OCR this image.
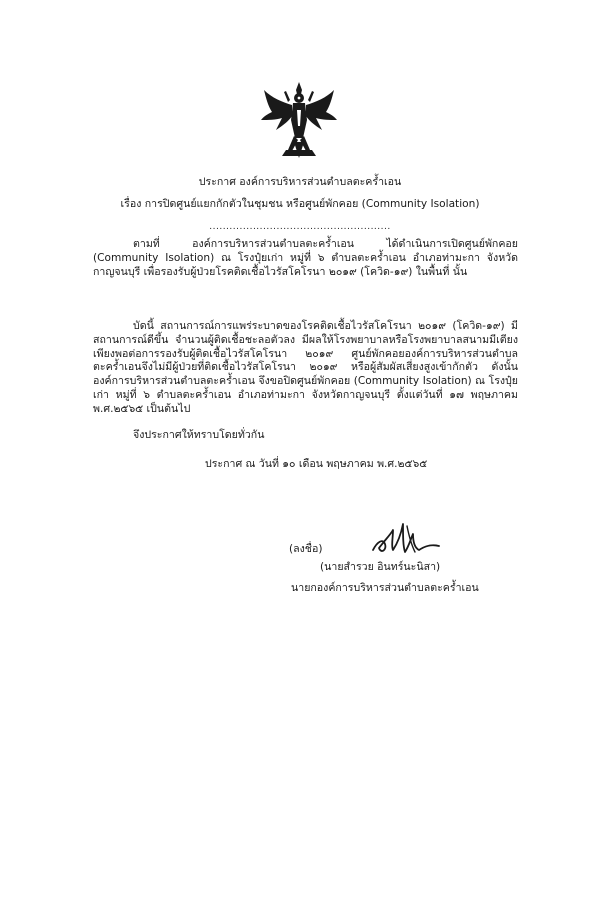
ประกาศ องค์การบริหารส่วนตำบลตะคร้ำเอน
เรื่อง การปิดศูนย์แยกกักตัวในชุมชน หรือศูนย์พักคอย (Community Isolation)
......................................................
ตามที่ องค์การบริหารส่วนตำบลตะคร้ำเอน ได้ดำเนินการเปิดศูนย์พักคอย (Community Isolation) ณ โรงปุ๋ยเก่า หมู่ที่ ๖ ตำบลตะคร้ำเอน อำเภอท่ามะกา จังหวัดกาญจนบุรี เพื่อรองรับผู้ป่วยโรคติดเชื้อไวรัสโคโรนา ๒๐๑๙ (โควิด-๑๙) ในพื้นที่ นั้น
บัดนี้ สถานการณ์การแพร่ระบาดของโรคติดเชื้อไวรัสโคโรนา ๒๐๑๙ (โควิด-๑๙) มีสถานการณ์ดีขึ้น จำนวนผู้ติดเชื้อชะลอตัวลง มีผลให้โรงพยาบาลหรือโรงพยาบาลสนามมีเตียงเพียงพอต่อการรองรับผู้ติดเชื้อไวรัสโคโรนา ๒๐๑๙ ศูนย์พักคอยองค์การบริหารส่วนตำบลตะคร้ำเอนจึงไม่มีผู้ป่วยที่ติดเชื้อไวรัสโคโรนา ๒๐๑๙ หรือผู้สัมผัสเสี่ยงสูงเข้ากักตัว ดังนั้น องค์การบริหารส่วนตำบลตะคร้ำเอน จึงขอปิดศูนย์พักคอย (Community Isolation) ณ โรงปุ๋ยเก่า หมู่ที่ ๖ ตำบลตะคร้ำเอน อำเภอท่ามะกา จังหวัดกาญจนบุรี ตั้งแต่วันที่ ๑๗ พฤษภาคม พ.ศ.๒๕๖๕ เป็นต้นไป
จึงประกาศให้ทราบโดยทั่วกัน
ประกาศ ณ วันที่ ๑๐ เดือน พฤษภาคม พ.ศ.๒๕๖๕
(ลงชื่อ)
(นายสำรวย อินทร์นะนิสา)
นายกองค์การบริหารส่วนตำบลตะคร้ำเอน
